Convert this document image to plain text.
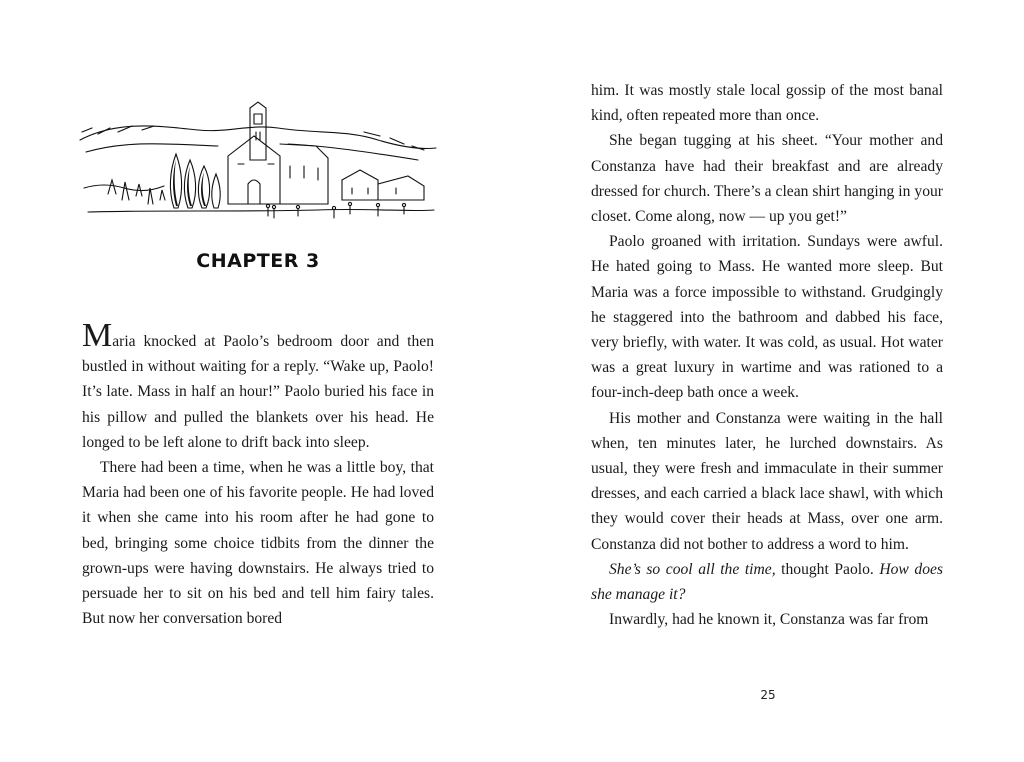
CHAPTER 3

Maria knocked at Paolo’s bedroom door and then bustled in without waiting for a reply. “Wake up, Paolo! It’s late. Mass in half an hour!” Paolo buried his face in his pillow and pulled the blankets over his head. He longed to be left alone to drift back into sleep.

There had been a time, when he was a little boy, that Maria had been one of his favorite people. He had loved it when she came into his room after he had gone to bed, bringing some choice tidbits from the dinner the grown-ups were having downstairs. He always tried to persuade her to sit on his bed and tell him fairy tales. But now her conversation bored

him. It was mostly stale local gossip of the most banal kind, often repeated more than once.

She began tugging at his sheet. “Your mother and Constanza have had their breakfast and are already dressed for church. There’s a clean shirt hanging in your closet. Come along, now — up you get!”

Paolo groaned with irritation. Sundays were awful. He hated going to Mass. He wanted more sleep. But Maria was a force impossible to withstand. Grudgingly he staggered into the bathroom and dabbed his face, very briefly, with water. It was cold, as usual. Hot water was a great luxury in wartime and was rationed to a four-inch-deep bath once a week.

His mother and Constanza were waiting in the hall when, ten minutes later, he lurched downstairs. As usual, they were fresh and immaculate in their summer dresses, and each carried a black lace shawl, with which they would cover their heads at Mass, over one arm. Constanza did not bother to address a word to him.

She’s so cool all the time, thought Paolo. How does she manage it?

Inwardly, had he known it, Constanza was far from

25
